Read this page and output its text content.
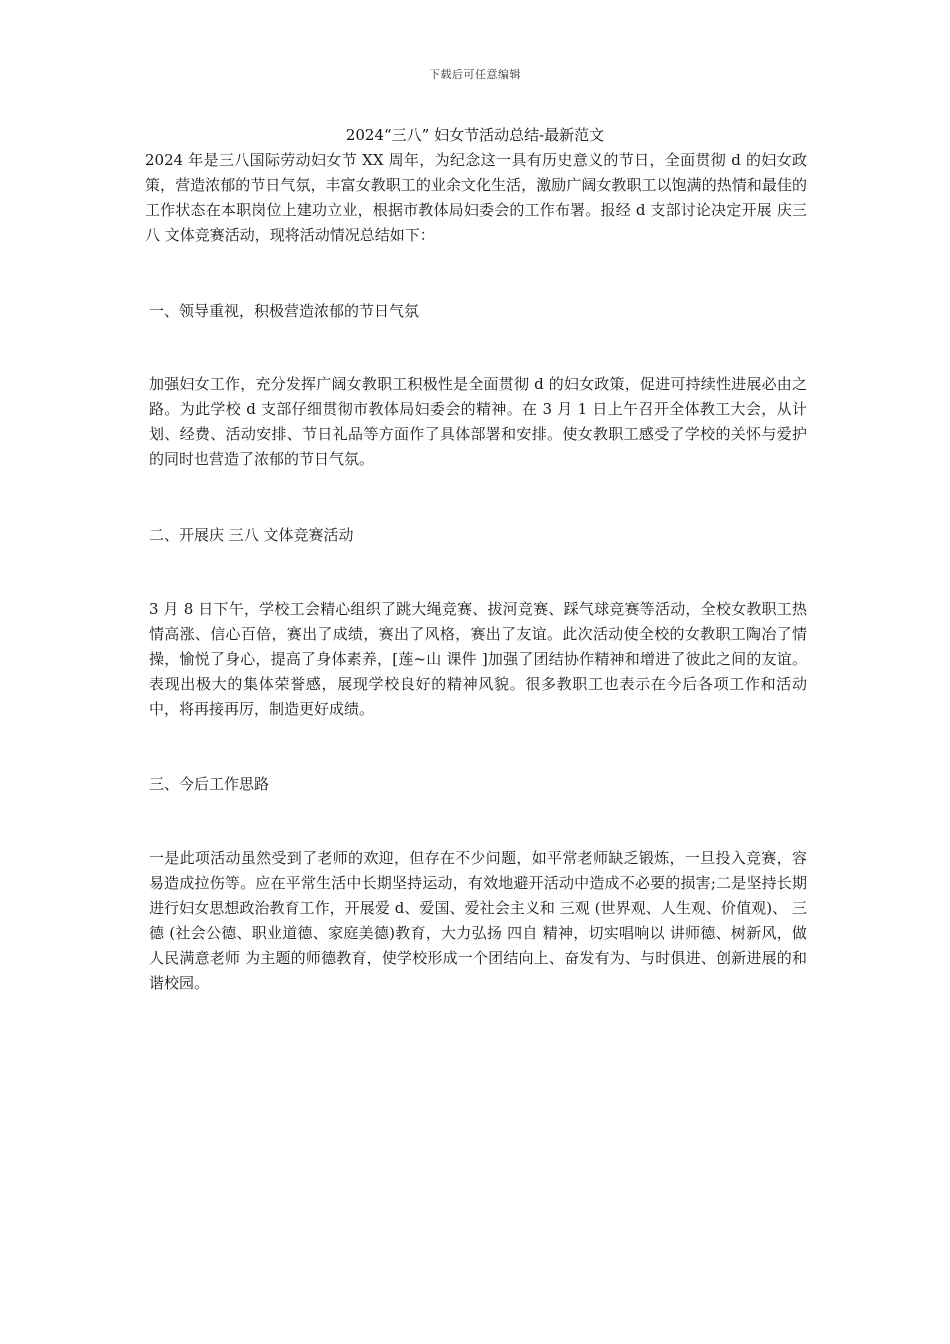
下载后可任意编辑
2024“三八” 妇女节活动总结-最新范文

2024 年是三八国际劳动妇女节 XX 周年，为纪念这一具有历史意义的节日，全面贯彻 d 的妇女政策，营造浓郁的节日气氛，丰富女教职工的业余文化生活，激励广阔女教职工以饱满的热情和最佳的工作状态在本职岗位上建功立业，根据市教体局妇委会的工作布署。报经 d 支部讨论决定开展 庆三八 文体竞赛活动，现将活动情况总结如下：

一、领导重视，积极营造浓郁的节日气氛

加强妇女工作，充分发挥广阔女教职工积极性是全面贯彻 d 的妇女政策，促进可持续性进展必由之路。为此学校 d 支部仔细贯彻市教体局妇委会的精神。在 3 月 1 日上午召开全体教工大会，从计划、经费、活动安排、节日礼品等方面作了具体部署和安排。使女教职工感受了学校的关怀与爱护的同时也营造了浓郁的节日气氛。

二、开展庆 三八 文体竞赛活动

3 月 8 日下午，学校工会精心组织了跳大绳竞赛、拔河竞赛、踩气球竞赛等活动，全校女教职工热情高涨、信心百倍，赛出了成绩，赛出了风格，赛出了友谊。此次活动使全校的女教职工陶冶了情操，愉悦了身心，提高了身体素养，[莲~山 课件 ]加强了团结协作精神和增进了彼此之间的友谊。表现出极大的集体荣誉感，展现学校良好的精神风貌。很多教职工也表示在今后各项工作和活动中，将再接再厉，制造更好成绩。

三、今后工作思路

一是此项活动虽然受到了老师的欢迎，但存在不少问题，如平常老师缺乏锻炼，一旦投入竞赛，容易造成拉伤等。应在平常生活中长期坚持运动，有效地避开活动中造成不必要的损害;二是坚持长期进行妇女思想政治教育工作，开展爱 d、爱国、爱社会主义和 三观 (世界观、人生观、价值观)、 三德 (社会公德、职业道德、家庭美德)教育，大力弘扬 四自 精神，切实唱响以 讲师德、树新风，做人民满意老师 为主题的师德教育，使学校形成一个团结向上、奋发有为、与时俱进、创新进展的和谐校园。
